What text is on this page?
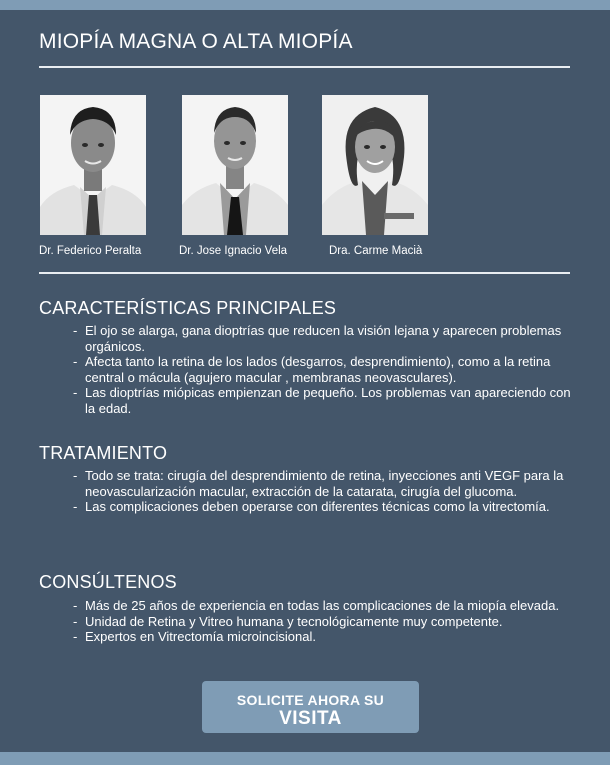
MIOPÍA MAGNA O ALTA MIOPÍA
Dr. Federico Peralta	Dr. Jose Ignacio Vela	Dra. Carme Macià
CARACTERÍSTICAS PRINCIPALES
- El ojo se alarga, gana dioptrías que reducen la visión lejana y aparecen problemas orgánicos.
- Afecta tanto la retina de los lados (desgarros, desprendimiento), como a la retina central o mácula (agujero macular , membranas neovasculares).
- Las dioptrías miópicas empienzan de pequeño. Los problemas van apareciendo con la edad.
TRATAMIENTO
- Todo se trata: cirugía del desprendimiento de retina, inyecciones anti VEGF para la neovascularización macular, extracción de la catarata, cirugía del glucoma.
- Las complicaciones deben operarse con diferentes técnicas como la vitrectomía.
CONSÚLTENOS
- Más de 25 años de experiencia en todas las complicaciones de la miopía elevada.
- Unidad de Retina y Vitreo humana y tecnológicamente muy competente.
- Expertos en Vitrectomía microincisional.
SOLICITE AHORA SU
VISITA
